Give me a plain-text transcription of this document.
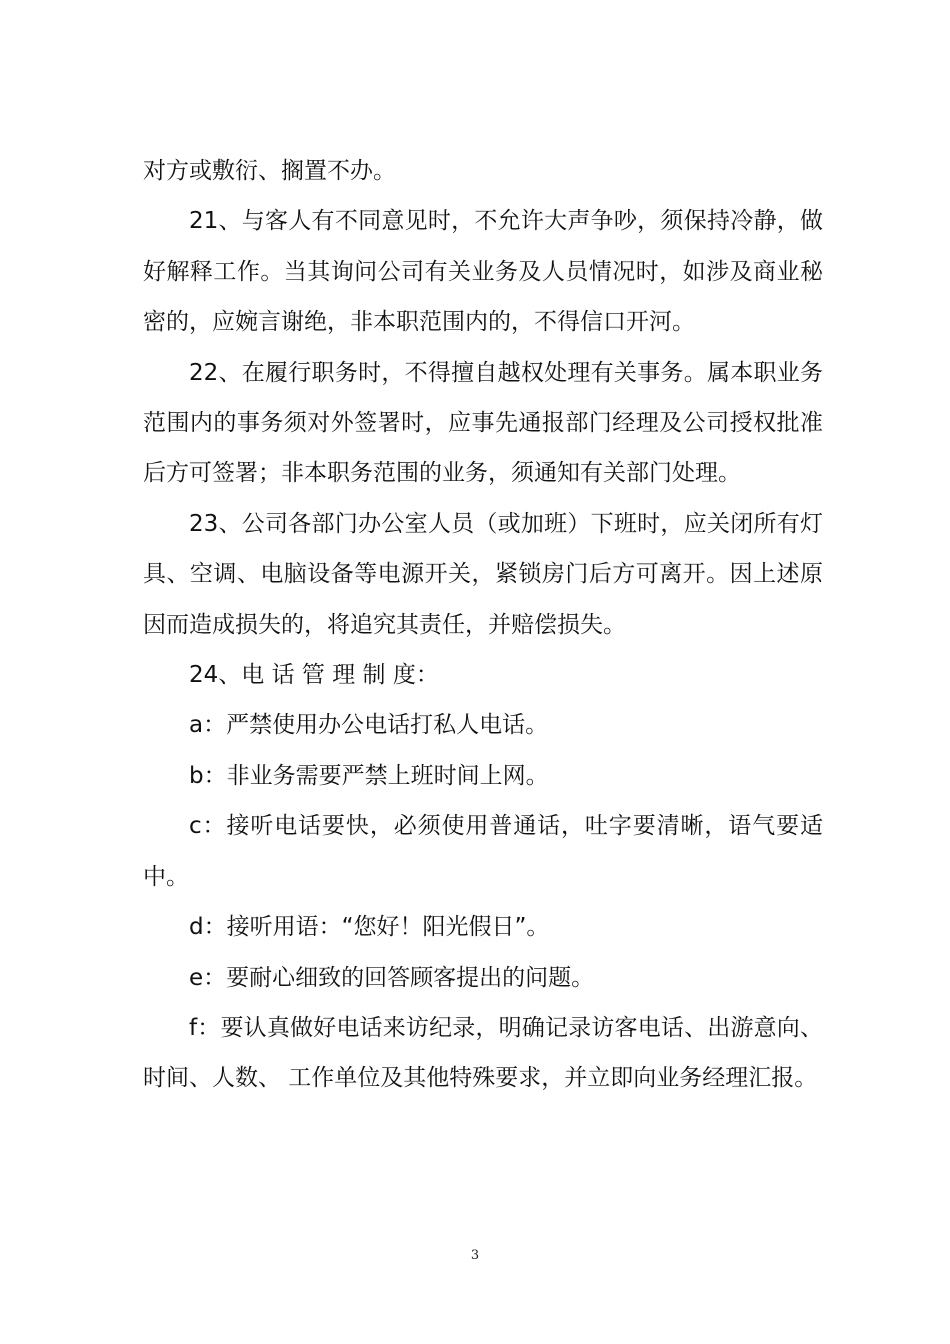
对方或敷衍、搁置不办。

21、与客人有不同意见时，不允许大声争吵，须保持冷静，做好解释工作。当其询问公司有关业务及人员情况时，如涉及商业秘密的，应婉言谢绝，非本职范围内的，不得信口开河。

22、在履行职务时，不得擅自越权处理有关事务。属本职业务范围内的事务须对外签署时，应事先通报部门经理及公司授权批准后方可签署；非本职务范围的业务，须通知有关部门处理。

23、公司各部门办公室人员（或加班）下班时，应关闭所有灯具、空调、电脑设备等电源开关，紧锁房门后方可离开。因上述原因而造成损失的，将追究其责任，并赔偿损失。

24、电 话 管 理 制 度：

a：严禁使用办公电话打私人电话。

b：非业务需要严禁上班时间上网。

c：接听电话要快，必须使用普通话，吐字要清晰，语气要适中。

d：接听用语：“您好！阳光假日”。

e：要耐心细致的回答顾客提出的问题。

f：要认真做好电话来访纪录，明确记录访客电话、出游意向、时间、人数、 工作单位及其他特殊要求，并立即向业务经理汇报。

3
